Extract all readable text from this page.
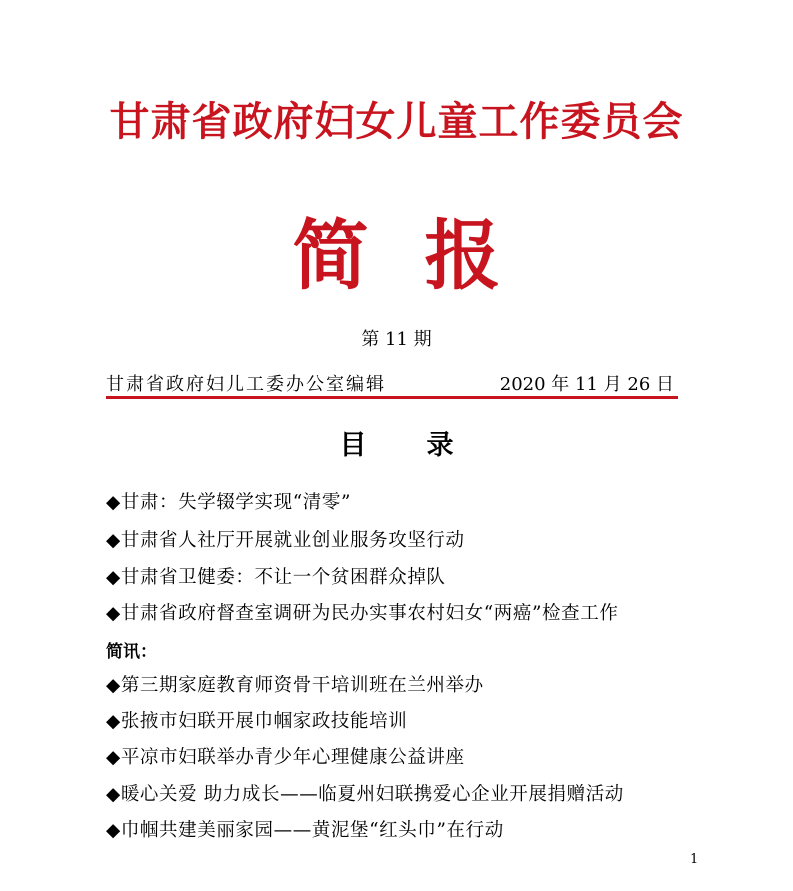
甘肃省政府妇女儿童工作委员会
简报
第 11 期
甘肃省政府妇儿工委办公室编辑	2020 年 11 月 26 日
目录
◆甘肃：失学辍学实现“清零”
◆甘肃省人社厅开展就业创业服务攻坚行动
◆甘肃省卫健委：不让一个贫困群众掉队
◆甘肃省政府督查室调研为民办实事农村妇女“两癌”检查工作
简讯：
◆第三期家庭教育师资骨干培训班在兰州举办
◆张掖市妇联开展巾帼家政技能培训
◆平凉市妇联举办青少年心理健康公益讲座
◆暖心关爱 助力成长——临夏州妇联携爱心企业开展捐赠活动
◆巾帼共建美丽家园——黄泥堡“红头巾”在行动
1
